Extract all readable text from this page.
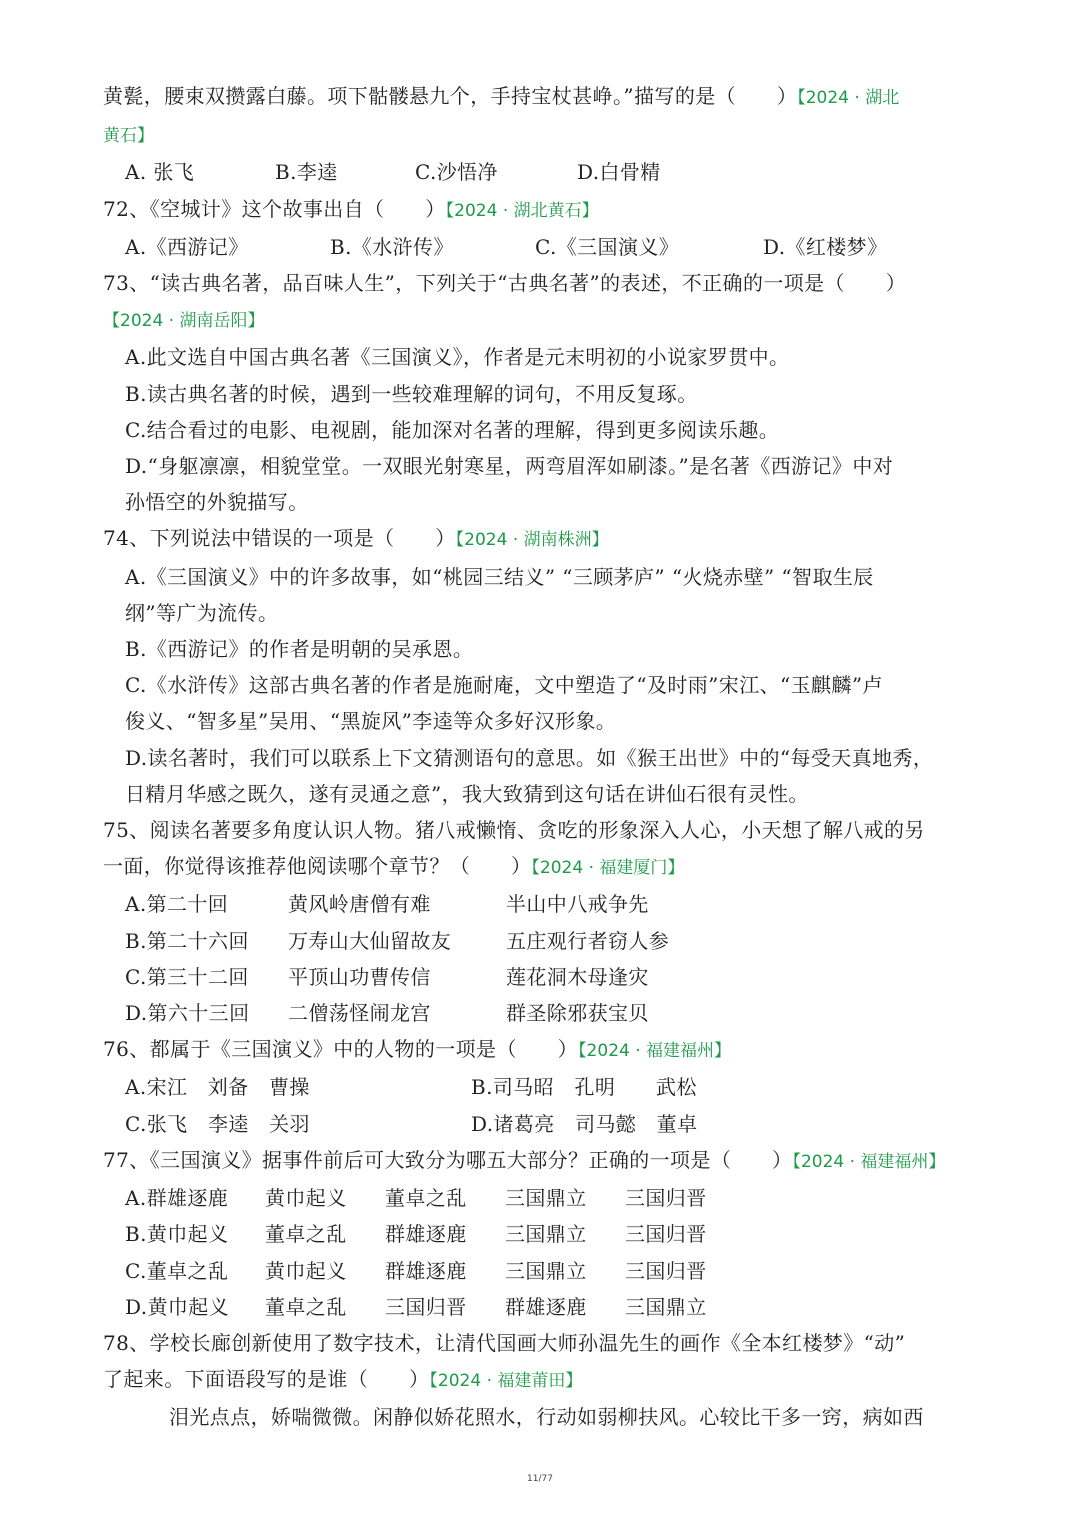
黄甏，腰束双攒露白藤。项下骷髅悬九个，手持宝杖甚峥。”描写的是（　　）【2024 · 湖北
黄石】
A. 张飞	B.李逵	C.沙悟净	D.白骨精
72、《空城计》这个故事出自（　　）【2024 · 湖北黄石】
A.《西游记》	B.《水浒传》	C.《三国演义》	D.《红楼梦》
73、“读古典名著，品百味人生”，下列关于“古典名著”的表述，不正确的一项是（　　）
【2024 · 湖南岳阳】
A.此文选自中国古典名著《三国演义》，作者是元末明初的小说家罗贯中。
B.读古典名著的时候，遇到一些较难理解的词句，不用反复琢。
C.结合看过的电影、电视剧，能加深对名著的理解，得到更多阅读乐趣。
D.“身躯凛凛，相貌堂堂。一双眼光射寒星，两弯眉浑如刷漆。”是名著《西游记》中对
孙悟空的外貌描写。
74、下列说法中错误的一项是（　　）【2024 · 湖南株洲】
A.《三国演义》中的许多故事，如“桃园三结义” “三顾茅庐” “火烧赤壁” “智取生辰
纲”等广为流传。
B.《西游记》的作者是明朝的吴承恩。
C.《水浒传》这部古典名著的作者是施耐庵，文中塑造了“及时雨”宋江、“玉麒麟”卢
俊义、“智多星”吴用、“黑旋风”李逵等众多好汉形象。
D.读名著时，我们可以联系上下文猜测语句的意思。如《猴王出世》中的“每受天真地秀，
日精月华感之既久，遂有灵通之意”，我大致猜到这句话在讲仙石很有灵性。
75、阅读名著要多角度认识人物。猪八戒懒惰、贪吃的形象深入人心，小天想了解八戒的另
一面，你觉得该推荐他阅读哪个章节？（　　）【2024 · 福建厦门】
A.第二十回	黄风岭唐僧有难	半山中八戒争先
B.第二十六回	万寿山大仙留故友	五庄观行者窃人参
C.第三十二回	平顶山功曹传信	莲花洞木母逢灾
D.第六十三回	二僧荡怪闹龙宫	群圣除邪获宝贝
76、都属于《三国演义》中的人物的一项是（　　）【2024 · 福建福州】
A.宋江　刘备　曹操	B.司马昭　孔明　　武松
C.张飞　李逵　关羽	D.诸葛亮　司马懿　董卓
77、《三国演义》据事件前后可大致分为哪五大部分？正确的一项是（　　）【2024 · 福建福州】
A.群雄逐鹿	黄巾起义	董卓之乱	三国鼎立	三国归晋
B.黄巾起义	董卓之乱	群雄逐鹿	三国鼎立	三国归晋
C.董卓之乱	黄巾起义	群雄逐鹿	三国鼎立	三国归晋
D.黄巾起义	董卓之乱	三国归晋	群雄逐鹿	三国鼎立
78、学校长廊创新使用了数字技术，让清代国画大师孙温先生的画作《全本红楼梦》“动”
了起来。下面语段写的是谁（　　）【2024 · 福建莆田】
泪光点点，娇喘微微。闲静似娇花照水，行动如弱柳扶风。心较比干多一窍，病如西
11/77
